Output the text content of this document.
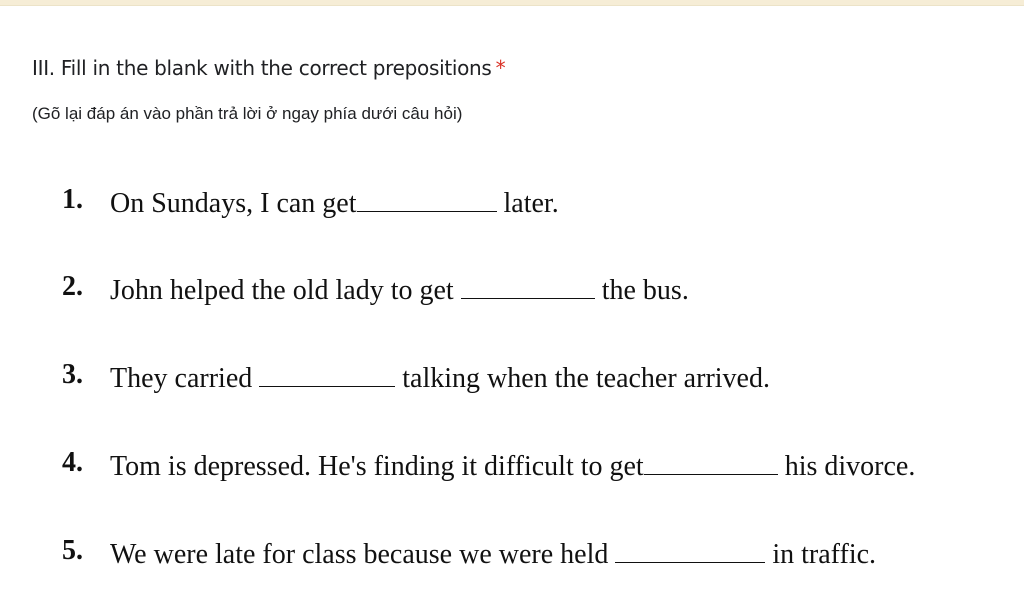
III. Fill in the blank with the correct prepositions *
(Gõ lại đáp án vào phần trả lời ở ngay phía dưới câu hỏi)
1. On Sundays, I can get	later.
2. John helped the old lady to get	the bus.
3. They carried	talking when the teacher arrived.
4. Tom is depressed. He's finding it difficult to get	his divorce.
5. We were late for class because we were held	in traffic.
